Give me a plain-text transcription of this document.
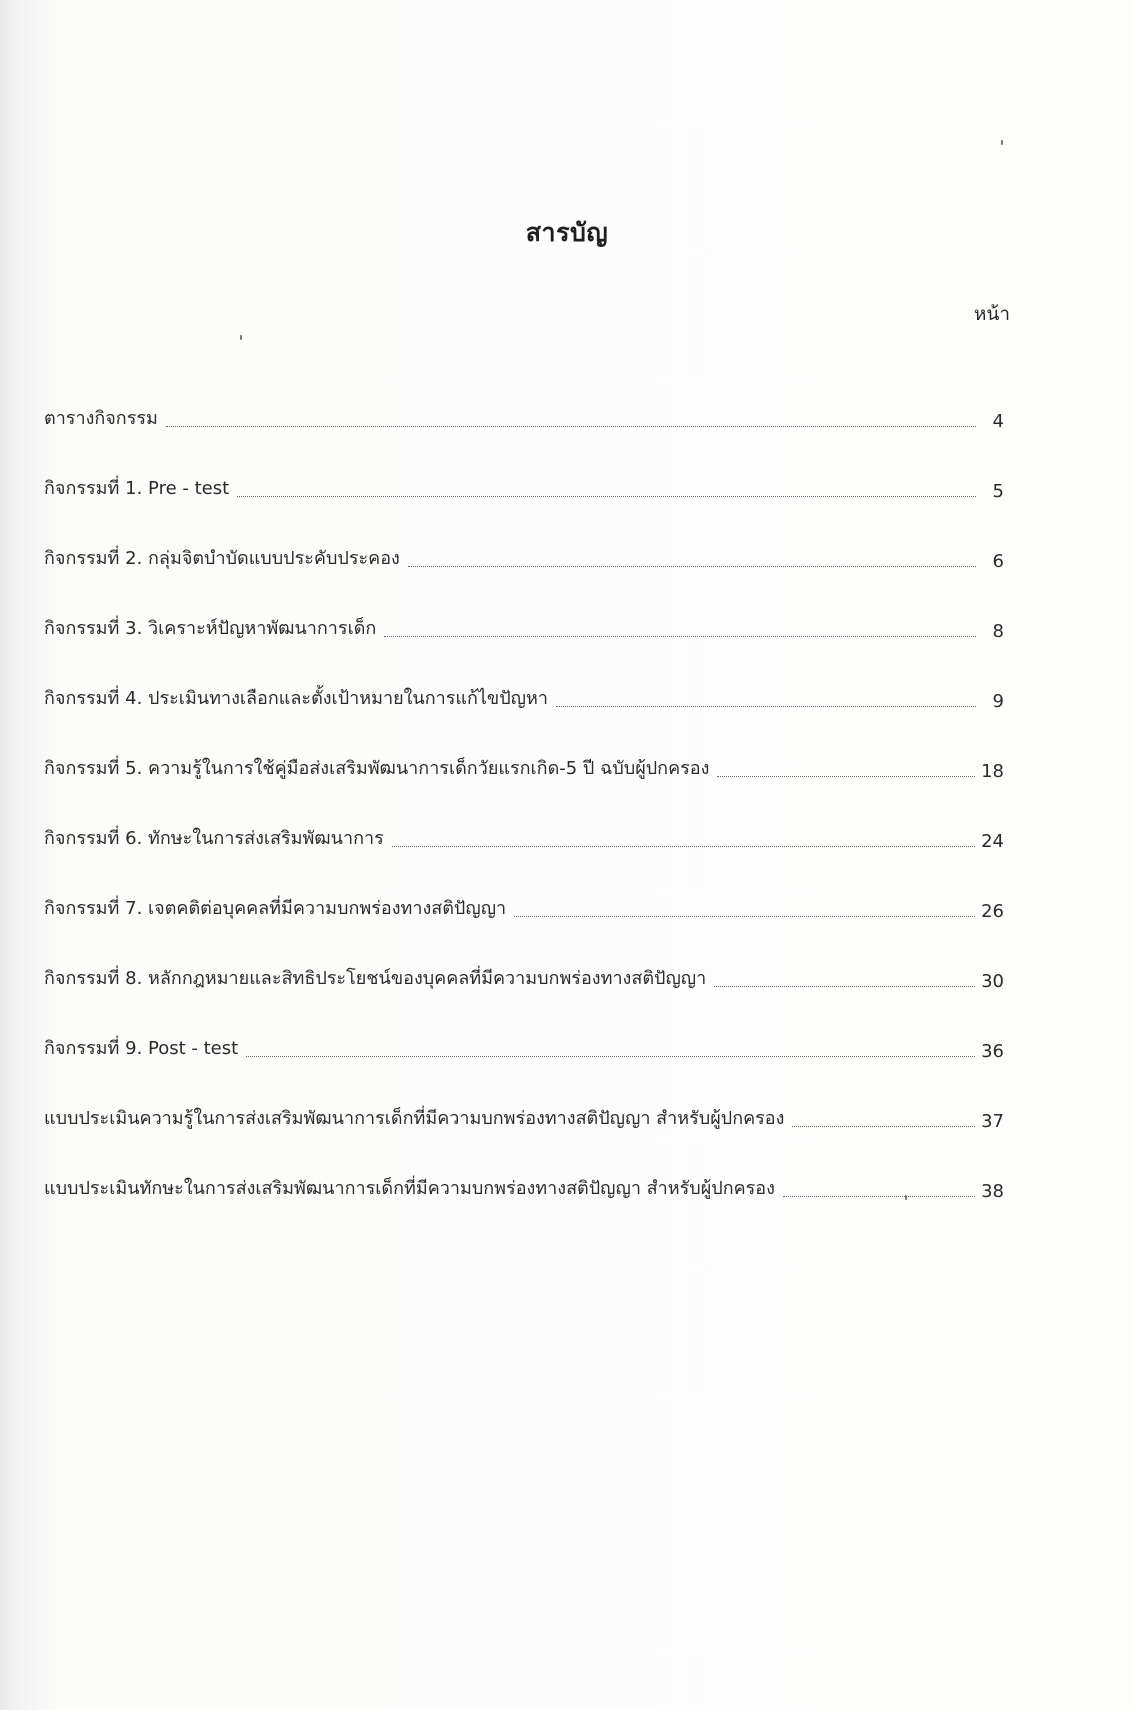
สารบัญ
หน้า
ตารางกิจกรรม	4
กิจกรรมที่ 1. Pre - test	5
กิจกรรมที่ 2. กลุ่มจิตบำบัดแบบประคับประคอง	6
กิจกรรมที่ 3. วิเคราะห์ปัญหาพัฒนาการเด็ก	8
กิจกรรมที่ 4. ประเมินทางเลือกและตั้งเป้าหมายในการแก้ไขปัญหา	9
กิจกรรมที่ 5. ความรู้ในการใช้คู่มือส่งเสริมพัฒนาการเด็กวัยแรกเกิด-5 ปี ฉบับผู้ปกครอง	18
กิจกรรมที่ 6. ทักษะในการส่งเสริมพัฒนาการ	24
กิจกรรมที่ 7. เจตคติต่อบุคคลที่มีความบกพร่องทางสติปัญญา	26
กิจกรรมที่ 8. หลักกฎหมายและสิทธิประโยชน์ของบุคคลที่มีความบกพร่องทางสติปัญญา	30
กิจกรรมที่ 9. Post - test	36
แบบประเมินความรู้ในการส่งเสริมพัฒนาการเด็กที่มีความบกพร่องทางสติปัญญา สำหรับผู้ปกครอง	37
แบบประเมินทักษะในการส่งเสริมพัฒนาการเด็กที่มีความบกพร่องทางสติปัญญา สำหรับผู้ปกครอง	38
